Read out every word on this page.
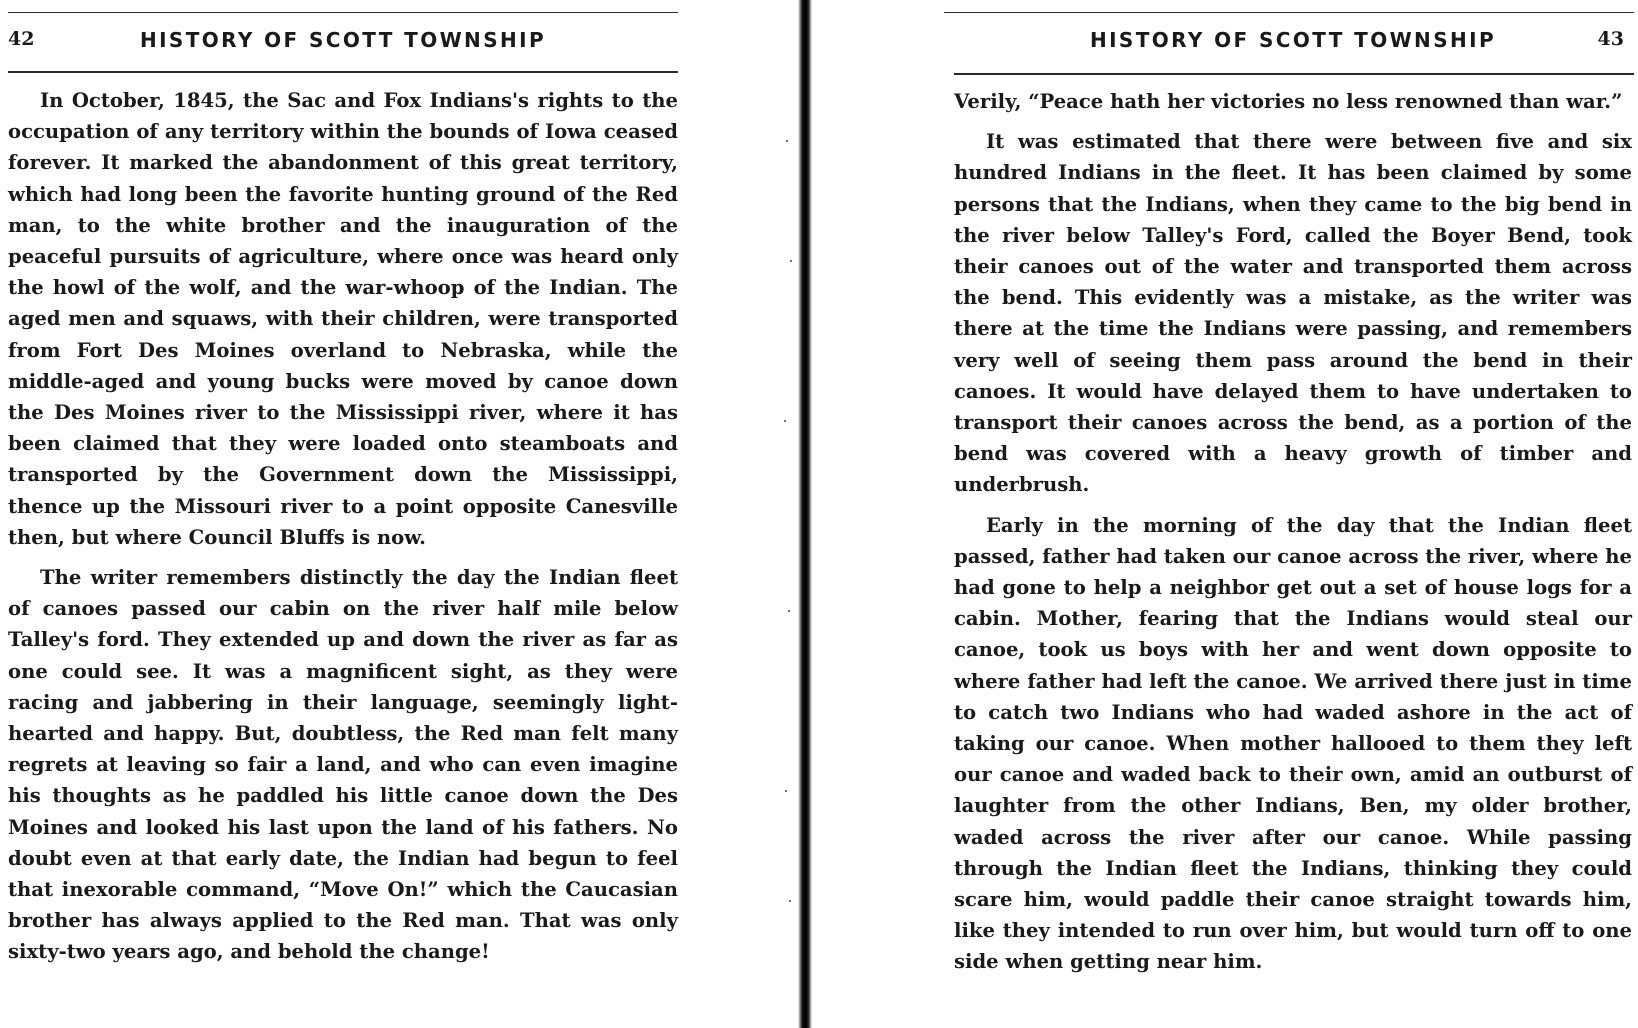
42	HISTORY OF SCOTT TOWNSHIP

In October, 1845, the Sac and Fox Indians's rights to the occupation of any territory within the bounds of Iowa ceased forever. It marked the abandonment of this great territory, which had long been the favorite hunting ground of the Red man, to the white brother and the inauguration of the peaceful pursuits of agriculture, where once was heard only the howl of the wolf, and the war-whoop of the Indian. The aged men and squaws, with their children, were transported from Fort Des Moines overland to Nebraska, while the middle-aged and young bucks were moved by canoe down the Des Moines river to the Mississippi river, where it has been claimed that they were loaded onto steamboats and transported by the Government down the Mississippi, thence up the Missouri river to a point opposite Canesville then, but where Council Bluffs is now.

The writer remembers distinctly the day the Indian fleet of canoes passed our cabin on the river half mile below Talley's ford. They extended up and down the river as far as one could see. It was a magnificent sight, as they were racing and jabbering in their language, seemingly light-hearted and happy. But, doubtless, the Red man felt many regrets at leaving so fair a land, and who can even imagine his thoughts as he paddled his little canoe down the Des Moines and looked his last upon the land of his fathers. No doubt even at that early date, the Indian had begun to feel that inexorable command, “Move On!” which the Caucasian brother has always applied to the Red man. That was only sixty-two years ago, and behold the change!

HISTORY OF SCOTT TOWNSHIP	43

Verily, “Peace hath her victories no less renowned than war.”

It was estimated that there were between five and six hundred Indians in the fleet. It has been claimed by some persons that the Indians, when they came to the big bend in the river below Talley's Ford, called the Boyer Bend, took their canoes out of the water and transported them across the bend. This evidently was a mistake, as the writer was there at the time the Indians were passing, and remembers very well of seeing them pass around the bend in their canoes. It would have delayed them to have undertaken to transport their canoes across the bend, as a portion of the bend was covered with a heavy growth of timber and underbrush.

Early in the morning of the day that the Indian fleet passed, father had taken our canoe across the river, where he had gone to help a neighbor get out a set of house logs for a cabin. Mother, fearing that the Indians would steal our canoe, took us boys with her and went down opposite to where father had left the canoe. We arrived there just in time to catch two Indians who had waded ashore in the act of taking our canoe. When mother hallooed to them they left our canoe and waded back to their own, amid an outburst of laughter from the other Indians, Ben, my older brother, waded across the river after our canoe. While passing through the Indian fleet the Indians, thinking they could scare him, would paddle their canoe straight towards him, like they intended to run over him, but would turn off to one side when getting near him.
